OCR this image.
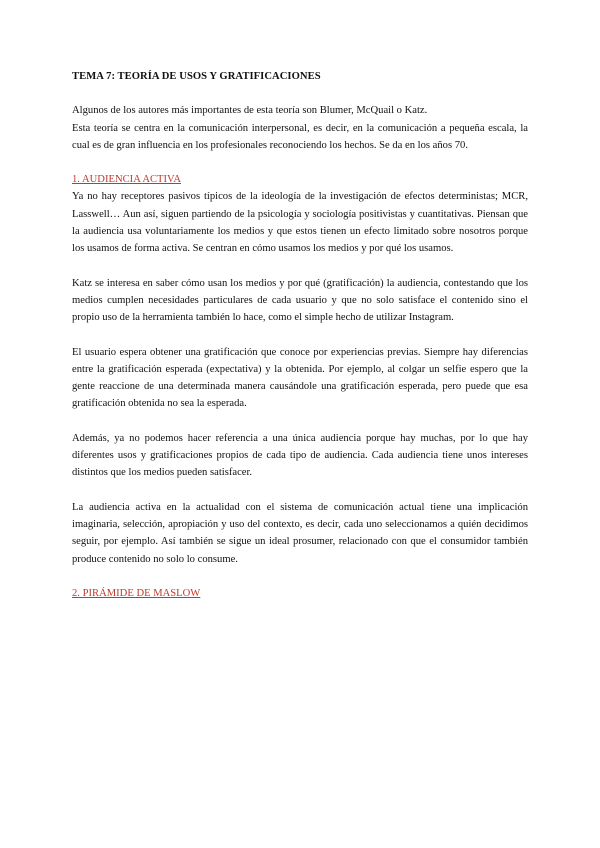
TEMA 7: TEORÍA DE USOS Y GRATIFICACIONES

Algunos de los autores más importantes de esta teoría son Blumer, McQuail o Katz.

Esta teoría se centra en la comunicación interpersonal, es decir, en la comunicación a pequeña escala, la cual es de gran influencia en los profesionales reconociendo los hechos. Se da en los años 70.

1. AUDIENCIA ACTIVA

Ya no hay receptores pasivos típicos de la ideología de la investigación de efectos deterministas; MCR, Lasswell… Aun así, siguen partiendo de la psicología y sociología positivistas y cuantitativas. Piensan que la audiencia usa voluntariamente los medios y que estos tienen un efecto limitado sobre nosotros porque los usamos de forma activa. Se centran en cómo usamos los medios y por qué los usamos.

Katz se interesa en saber cómo usan los medios y por qué (gratificación) la audiencia, contestando que los medios cumplen necesidades particulares de cada usuario y que no solo satisface el contenido sino el propio uso de la herramienta también lo hace, como el simple hecho de utilizar Instagram.

El usuario espera obtener una gratificación que conoce por experiencias previas. Siempre hay diferencias entre la gratificación esperada (expectativa) y la obtenida. Por ejemplo, al colgar un selfie espero que la gente reaccione de una determinada manera causándole una gratificación esperada, pero puede que esa gratificación obtenida no sea la esperada.

Además, ya no podemos hacer referencia a una única audiencia porque hay muchas, por lo que hay diferentes usos y gratificaciones propios de cada tipo de audiencia. Cada audiencia tiene unos intereses distintos que los medios pueden satisfacer.

La audiencia activa en la actualidad con el sistema de comunicación actual tiene una implicación imaginaria, selección, apropiación y uso del contexto, es decir, cada uno seleccionamos a quién decidimos seguir, por ejemplo. Así también se sigue un ideal prosumer, relacionado con que el consumidor también produce contenido no solo lo consume.

2. PIRÁMIDE DE MASLOW
